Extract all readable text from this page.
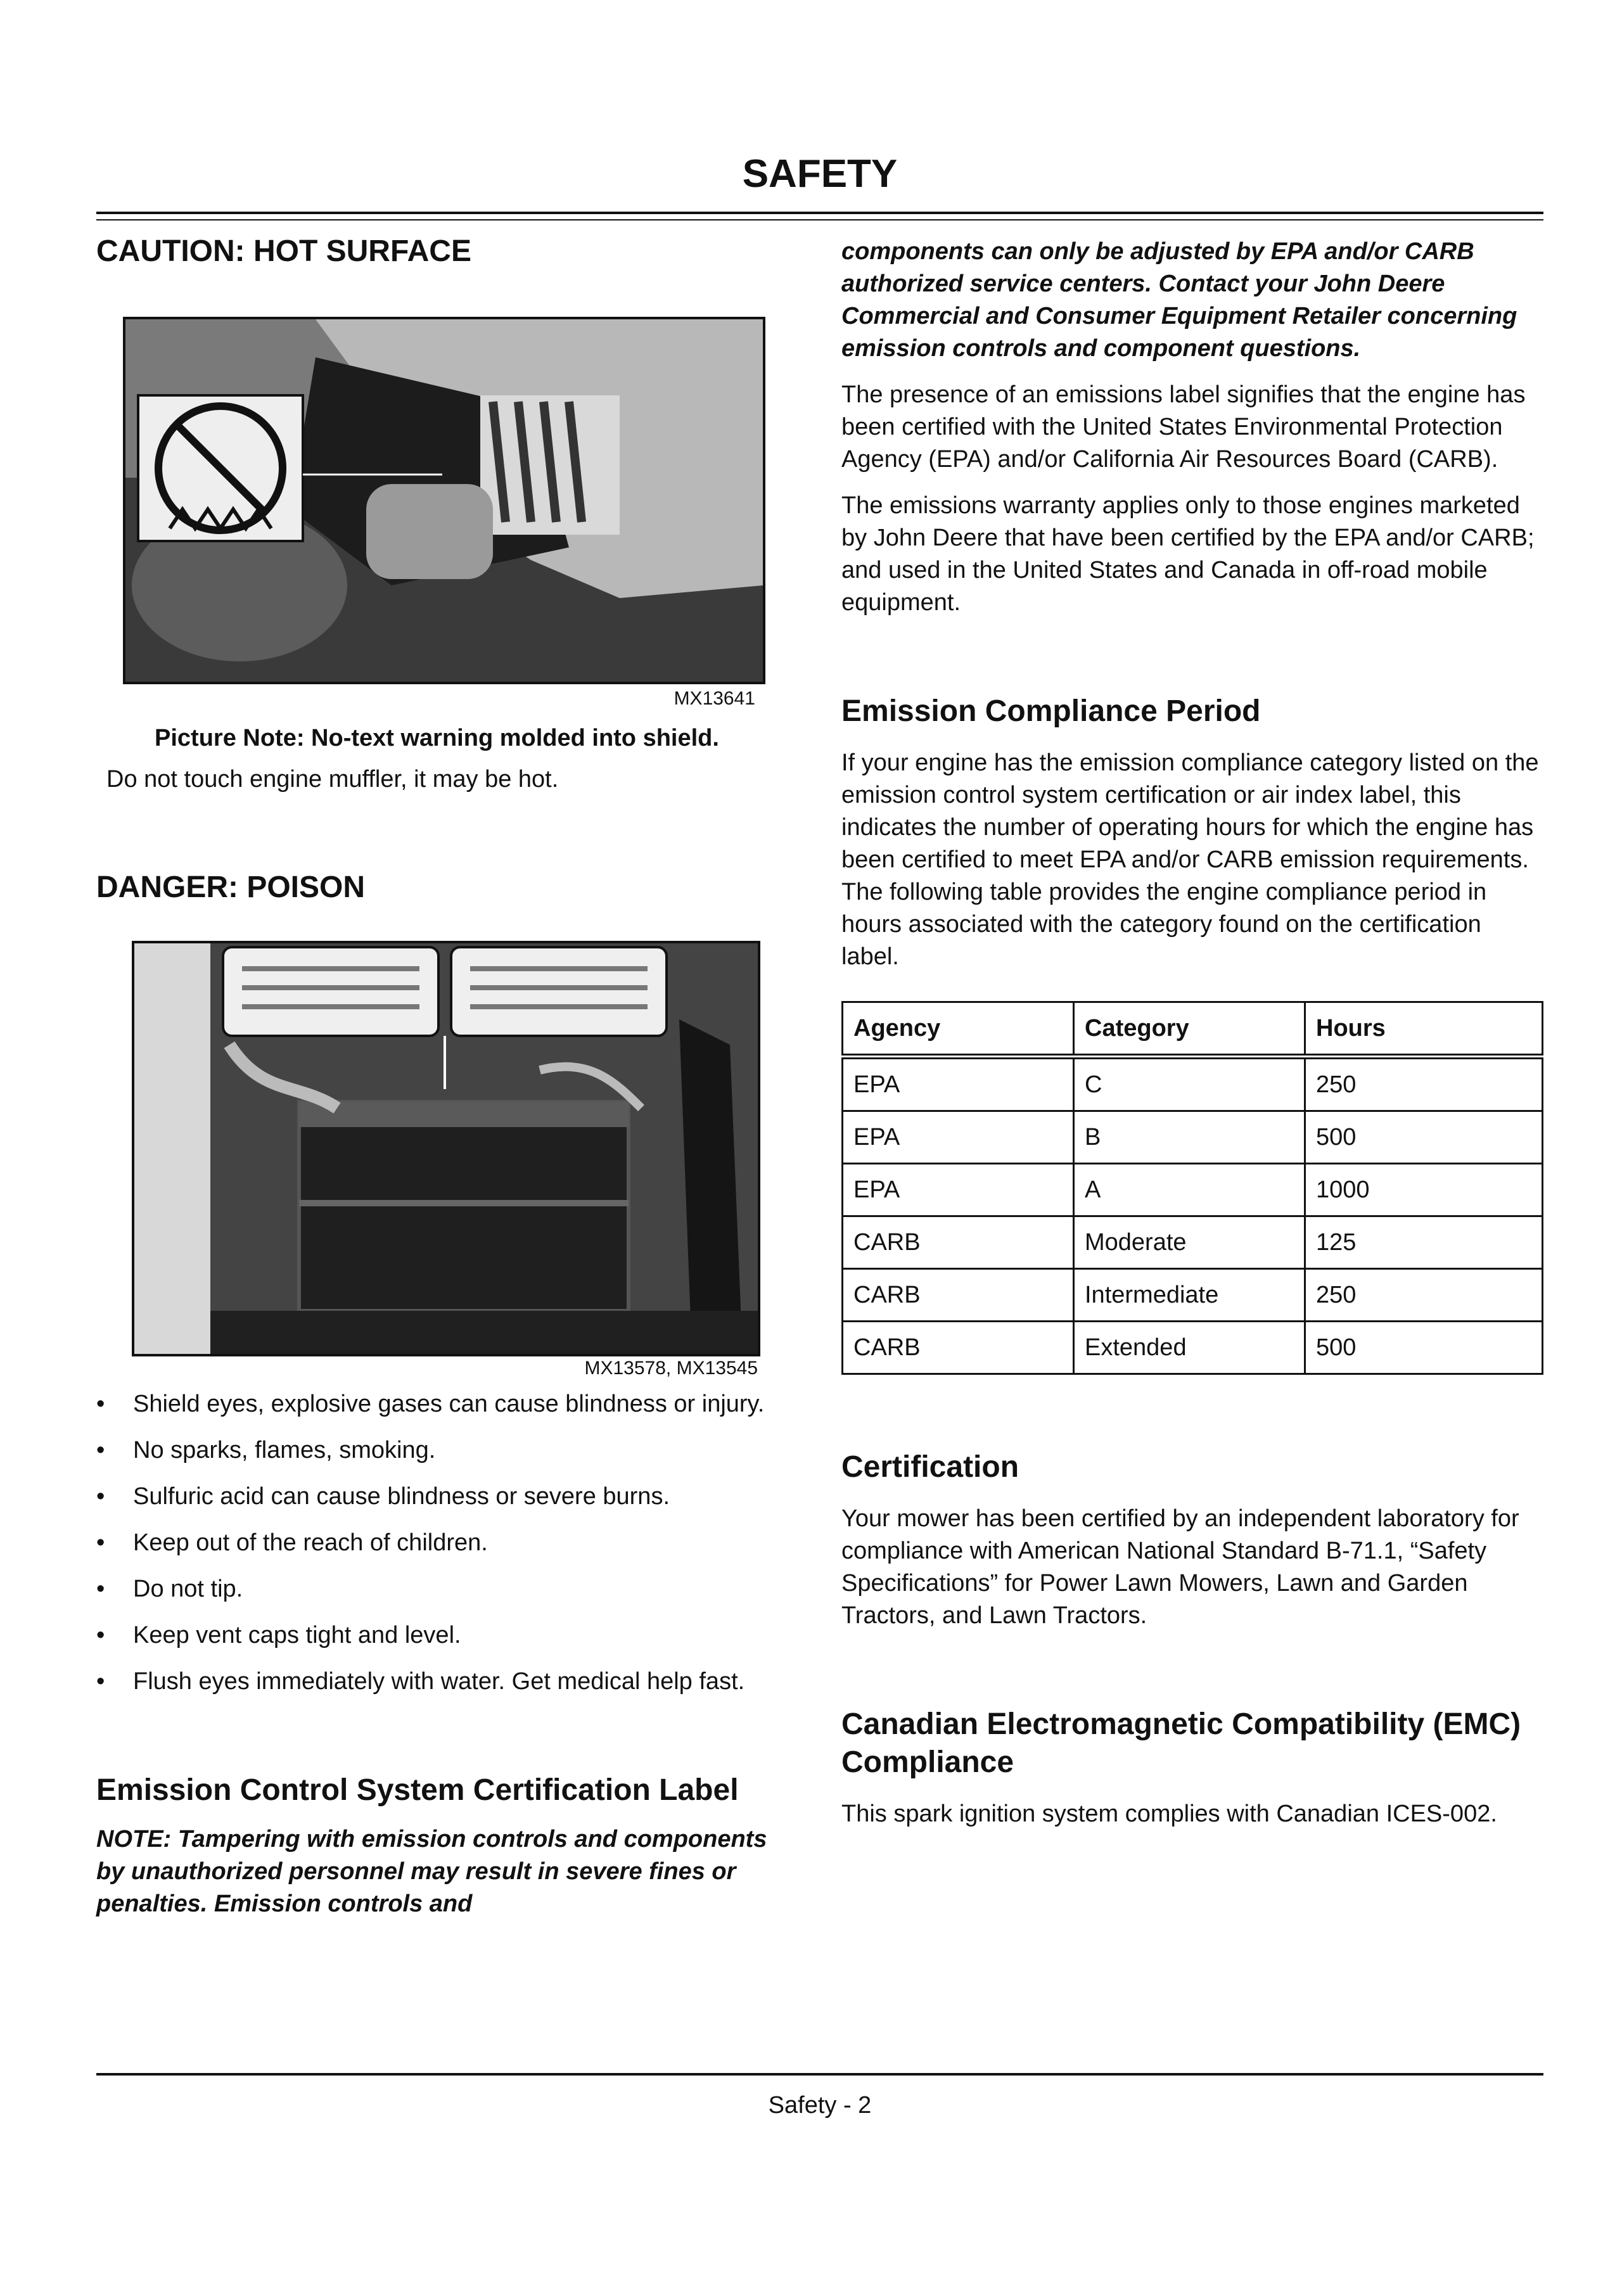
SAFETY
CAUTION: HOT SURFACE
MX13641
Picture Note: No-text warning molded into shield.

Do not touch engine muffler, it may be hot.

DANGER: POISON
MX13578, MX13545

• Shield eyes, explosive gases can cause blindness or injury.

• No sparks, flames, smoking.

• Sulfuric acid can cause blindness or severe burns.

• Keep out of the reach of children.

• Do not tip.

• Keep vent caps tight and level.

• Flush eyes immediately with water. Get medical help fast.

Emission Control System Certification Label

NOTE: Tampering with emission controls and components by unauthorized personnel may result in severe fines or penalties. Emission controls and

components can only be adjusted by EPA and/or CARB authorized service centers. Contact your John Deere Commercial and Consumer Equipment Retailer concerning emission controls and component questions.

The presence of an emissions label signifies that the engine has been certified with the United States Environmental Protection Agency (EPA) and/or California Air Resources Board (CARB).

The emissions warranty applies only to those engines marketed by John Deere that have been certified by the EPA and/or CARB; and used in the United States and Canada in off-road mobile equipment.

Emission Compliance Period

If your engine has the emission compliance category listed on the emission control system certification or air index label, this indicates the number of operating hours for which the engine has been certified to meet EPA and/or CARB emission requirements. The following table provides the engine compliance period in hours associated with the category found on the certification label.

Agency	Category	Hours
EPA	C	250
EPA	B	500
EPA	A	1000
CARB	Moderate	125
CARB	Intermediate	250
CARB	Extended	500
Certification

Your mower has been certified by an independent laboratory for compliance with American National Standard B-71.1, “Safety Specifications” for Power Lawn Mowers, Lawn and Garden Tractors, and Lawn Tractors.

Canadian Electromagnetic Compatibility (EMC) Compliance

This spark ignition system complies with Canadian ICES-002.

Safety - 2
